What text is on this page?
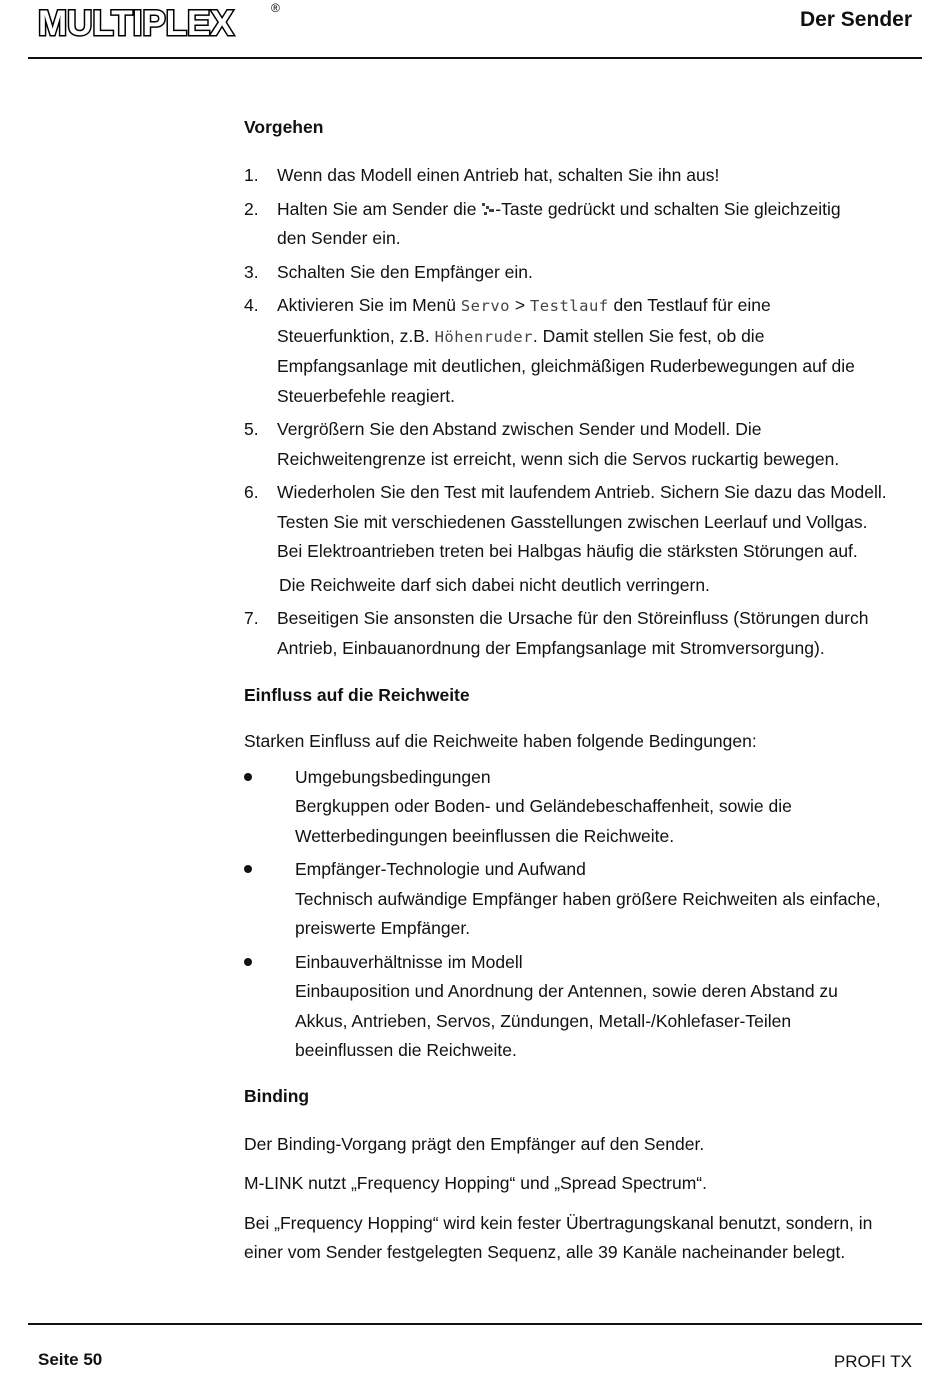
MULTIPLEX	®	Der Sender

Vorgehen

1.	Wenn das Modell einen Antrieb hat, schalten Sie ihn aus!
2.	Halten Sie am Sender die -Taste gedrückt und schalten Sie gleichzeitig
den Sender ein.
3.	Schalten Sie den Empfänger ein.
4.	Aktivieren Sie im Menü Servo > Testlauf den Testlauf für eine
Steuerfunktion, z.B. Höhenruder. Damit stellen Sie fest, ob die
Empfangsanlage mit deutlichen, gleichmäßigen Ruderbewegungen auf die
Steuerbefehle reagiert.
5.	Vergrößern Sie den Abstand zwischen Sender und Modell. Die
Reichweitengrenze ist erreicht, wenn sich die Servos ruckartig bewegen.
6.	Wiederholen Sie den Test mit laufendem Antrieb. Sichern Sie dazu das Modell.
Testen Sie mit verschiedenen Gasstellungen zwischen Leerlauf und Vollgas.
Bei Elektroantrieben treten bei Halbgas häufig die stärksten Störungen auf.
Die Reichweite darf sich dabei nicht deutlich verringern.
7.	Beseitigen Sie ansonsten die Ursache für den Störeinfluss (Störungen durch
Antrieb, Einbauanordnung der Empfangsanlage mit Stromversorgung).

Einfluss auf die Reichweite

Starken Einfluss auf die Reichweite haben folgende Bedingungen:

Umgebungsbedingungen
Bergkuppen oder Boden- und Geländebeschaffenheit, sowie die
Wetterbedingungen beeinflussen die Reichweite.
Empfänger-Technologie und Aufwand
Technisch aufwändige Empfänger haben größere Reichweiten als einfache,
preiswerte Empfänger.
Einbauverhältnisse im Modell
Einbauposition und Anordnung der Antennen, sowie deren Abstand zu
Akkus, Antrieben, Servos, Zündungen, Metall-/Kohlefaser-Teilen
beeinflussen die Reichweite.

Binding

Der Binding-Vorgang prägt den Empfänger auf den Sender.

M-LINK nutzt „Frequency Hopping“ und „Spread Spectrum“.

Bei „Frequency Hopping“ wird kein fester Übertragungskanal benutzt, sondern, in
einer vom Sender festgelegten Sequenz, alle 39 Kanäle nacheinander belegt.

Seite 50	PROFI TX
